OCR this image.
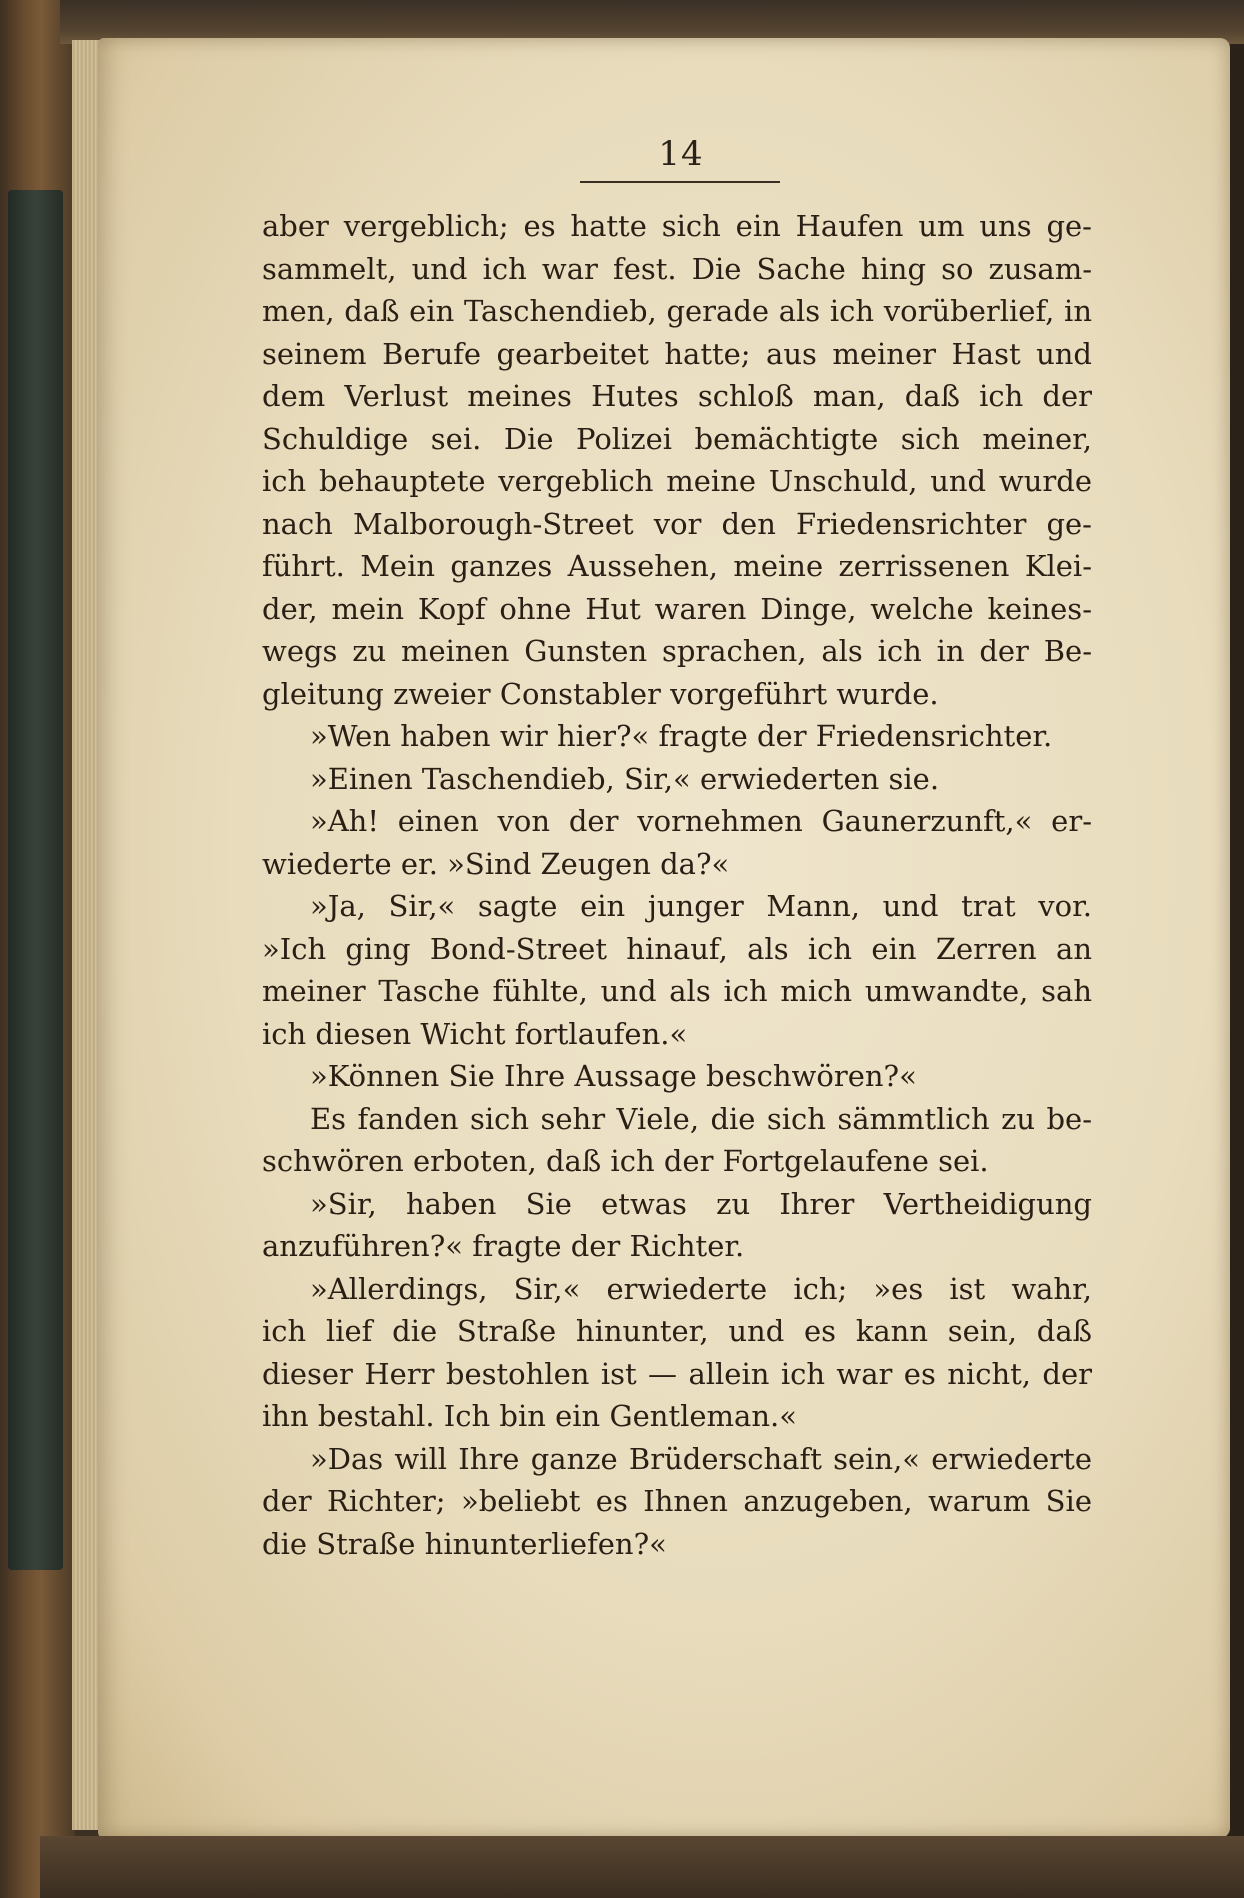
14
aber vergeblich; es hatte sich ein Haufen um uns ge-
sammelt, und ich war fest. Die Sache hing so zusam-
men, daß ein Taschendieb, gerade als ich vorüberlief, in
seinem Berufe gearbeitet hatte; aus meiner Hast und
dem Verlust meines Hutes schloß man, daß ich der
Schuldige sei. Die Polizei bemächtigte sich meiner,
ich behauptete vergeblich meine Unschuld, und wurde
nach Malborough-Street vor den Friedensrichter ge-
führt. Mein ganzes Aussehen, meine zerrissenen Klei-
der, mein Kopf ohne Hut waren Dinge, welche keines-
wegs zu meinen Gunsten sprachen, als ich in der Be-
gleitung zweier Constabler vorgeführt wurde.
»Wen haben wir hier?« fragte der Friedensrichter.
»Einen Taschendieb, Sir,« erwiederten sie.
»Ah! einen von der vornehmen Gaunerzunft,« er-
wiederte er. »Sind Zeugen da?«
»Ja, Sir,« sagte ein junger Mann, und trat vor.
»Ich ging Bond-Street hinauf, als ich ein Zerren an
meiner Tasche fühlte, und als ich mich umwandte, sah
ich diesen Wicht fortlaufen.«
»Können Sie Ihre Aussage beschwören?«
Es fanden sich sehr Viele, die sich sämmtlich zu be-
schwören erboten, daß ich der Fortgelaufene sei.
»Sir, haben Sie etwas zu Ihrer Vertheidigung
anzuführen?« fragte der Richter.
»Allerdings, Sir,« erwiederte ich; »es ist wahr,
ich lief die Straße hinunter, und es kann sein, daß
dieser Herr bestohlen ist — allein ich war es nicht, der
ihn bestahl. Ich bin ein Gentleman.«
»Das will Ihre ganze Brüderschaft sein,« erwiederte
der Richter; »beliebt es Ihnen anzugeben, warum Sie
die Straße hinunterliefen?«
